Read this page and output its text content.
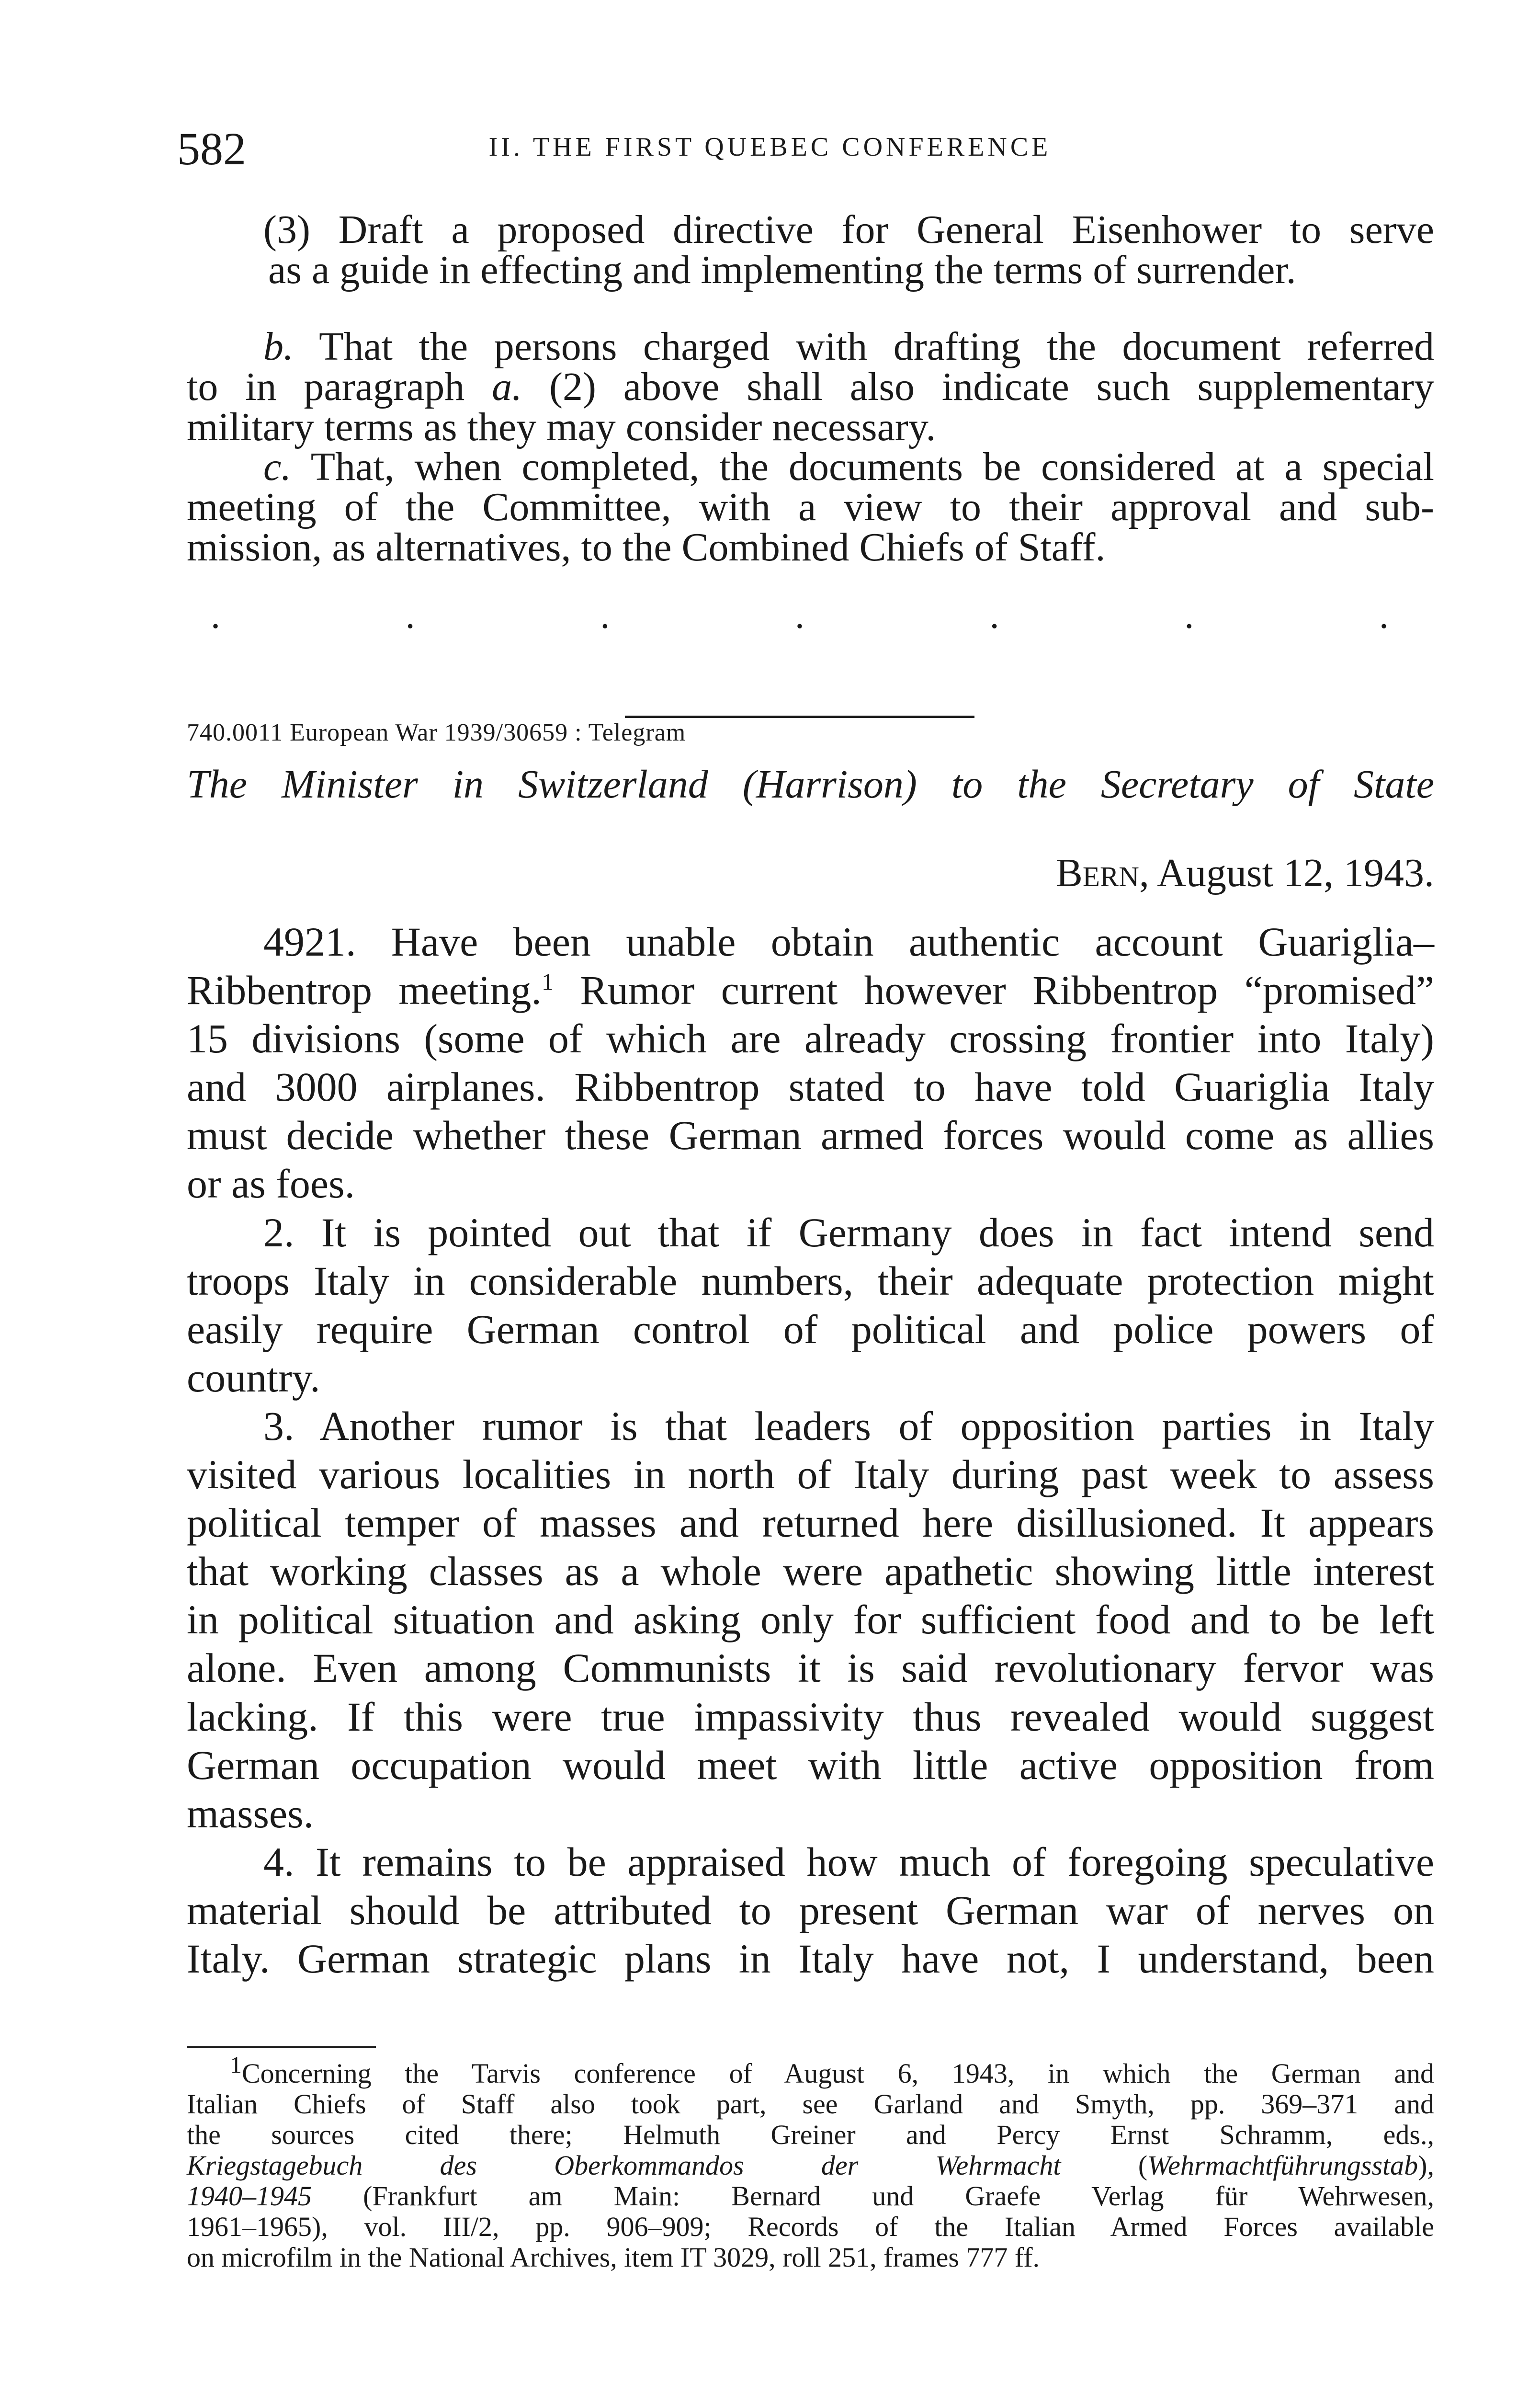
582	II. THE FIRST QUEBEC CONFERENCE
(3) Draft a proposed directive for General Eisenhower to serve
as a guide in effecting and implementing the terms of surrender.
b. That the persons charged with drafting the document referred
to in paragraph a. (2) above shall also indicate such supplementary
military terms as they may consider necessary.
c. That, when completed, the documents be considered at a special
meeting of the Committee, with a view to their approval and sub-
mission, as alternatives, to the Combined Chiefs of Staff.
.	.	.	.	.	.	.
740.0011 European War 1939/30659 : Telegram
The Minister in Switzerland (Harrison) to the Secretary of State
Bern, August 12, 1943.
4921. Have been unable obtain authentic account Guariglia–
Ribbentrop meeting.$^1$ Rumor current however Ribbentrop “promised”
15 divisions (some of which are already crossing frontier into Italy)
and 3000 airplanes. Ribbentrop stated to have told Guariglia Italy
must decide whether these German armed forces would come as allies
or as foes.
2. It is pointed out that if Germany does in fact intend send
troops Italy in considerable numbers, their adequate protection might
easily require German control of political and police powers of
country.
3. Another rumor is that leaders of opposition parties in Italy
visited various localities in north of Italy during past week to assess
political temper of masses and returned here disillusioned. It appears
that working classes as a whole were apathetic showing little interest
in political situation and asking only for sufficient food and to be left
alone. Even among Communists it is said revolutionary fervor was
lacking. If this were true impassivity thus revealed would suggest
German occupation would meet with little active opposition from
masses.
4. It remains to be appraised how much of foregoing speculative
material should be attributed to present German war of nerves on
Italy. German strategic plans in Italy have not, I understand, been
$^1$Concerning the Tarvis conference of August 6, 1943, in which the German and
Italian Chiefs of Staff also took part, see Garland and Smyth, pp. 369–371 and
the sources cited there; Helmuth Greiner and Percy Ernst Schramm, eds.,
Kriegstagebuch des Oberkommandos der Wehrmacht (Wehrmachtführungsstab),
1940–1945 (Frankfurt am Main: Bernard und Graefe Verlag für Wehrwesen,
1961–1965), vol. III/2, pp. 906–909; Records of the Italian Armed Forces available
on microfilm in the National Archives, item IT 3029, roll 251, frames 777 ff.
